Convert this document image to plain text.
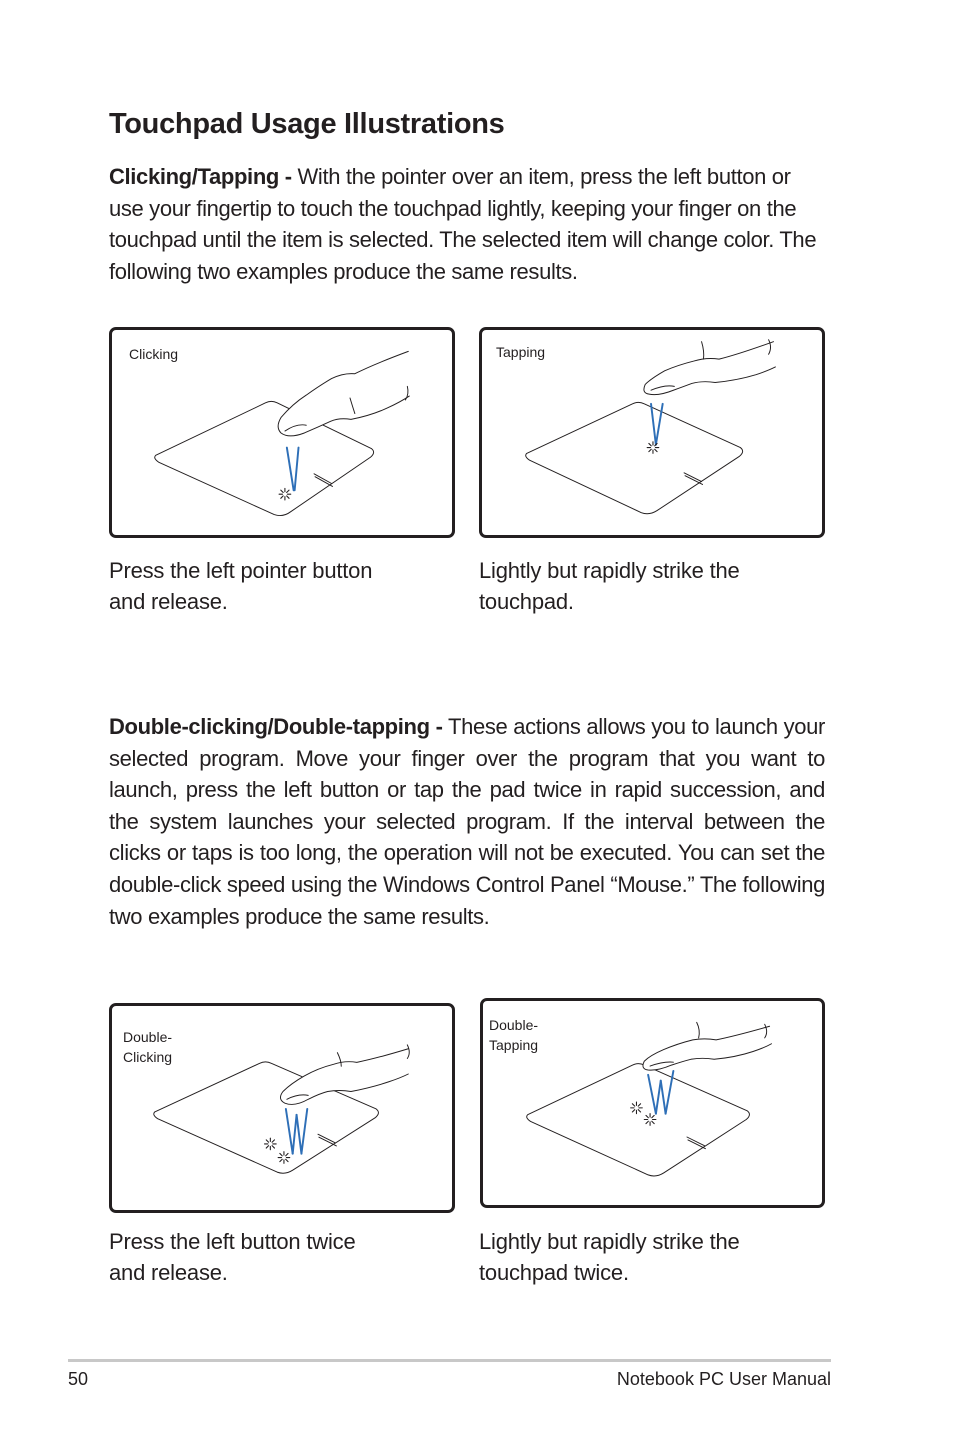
Touchpad Usage Illustrations

Clicking/Tapping - With the pointer over an item, press the left button or use your fingertip to touch the touchpad lightly, keeping your finger on the touchpad until the item is selected. The selected item will change color. The following two examples produce the same results.

Clicking

Press the left pointer button
and release.

Tapping

Lightly but rapidly strike the
touchpad.

Double-clicking/Double-tapping - These actions allows you to launch your selected program. Move your finger over the program that you want to launch, press the left button or tap the pad twice in rapid succession, and the system launches your selected program. If the interval between the clicks or taps is too long, the operation will not be executed. You can set the double-click speed using the Windows Control Panel “Mouse.” The following two examples produce the same results.

Double-
Clicking

Press the left button twice
and release.

Double-
Tapping

Lightly but rapidly strike the
touchpad twice.

50	Notebook PC User Manual
